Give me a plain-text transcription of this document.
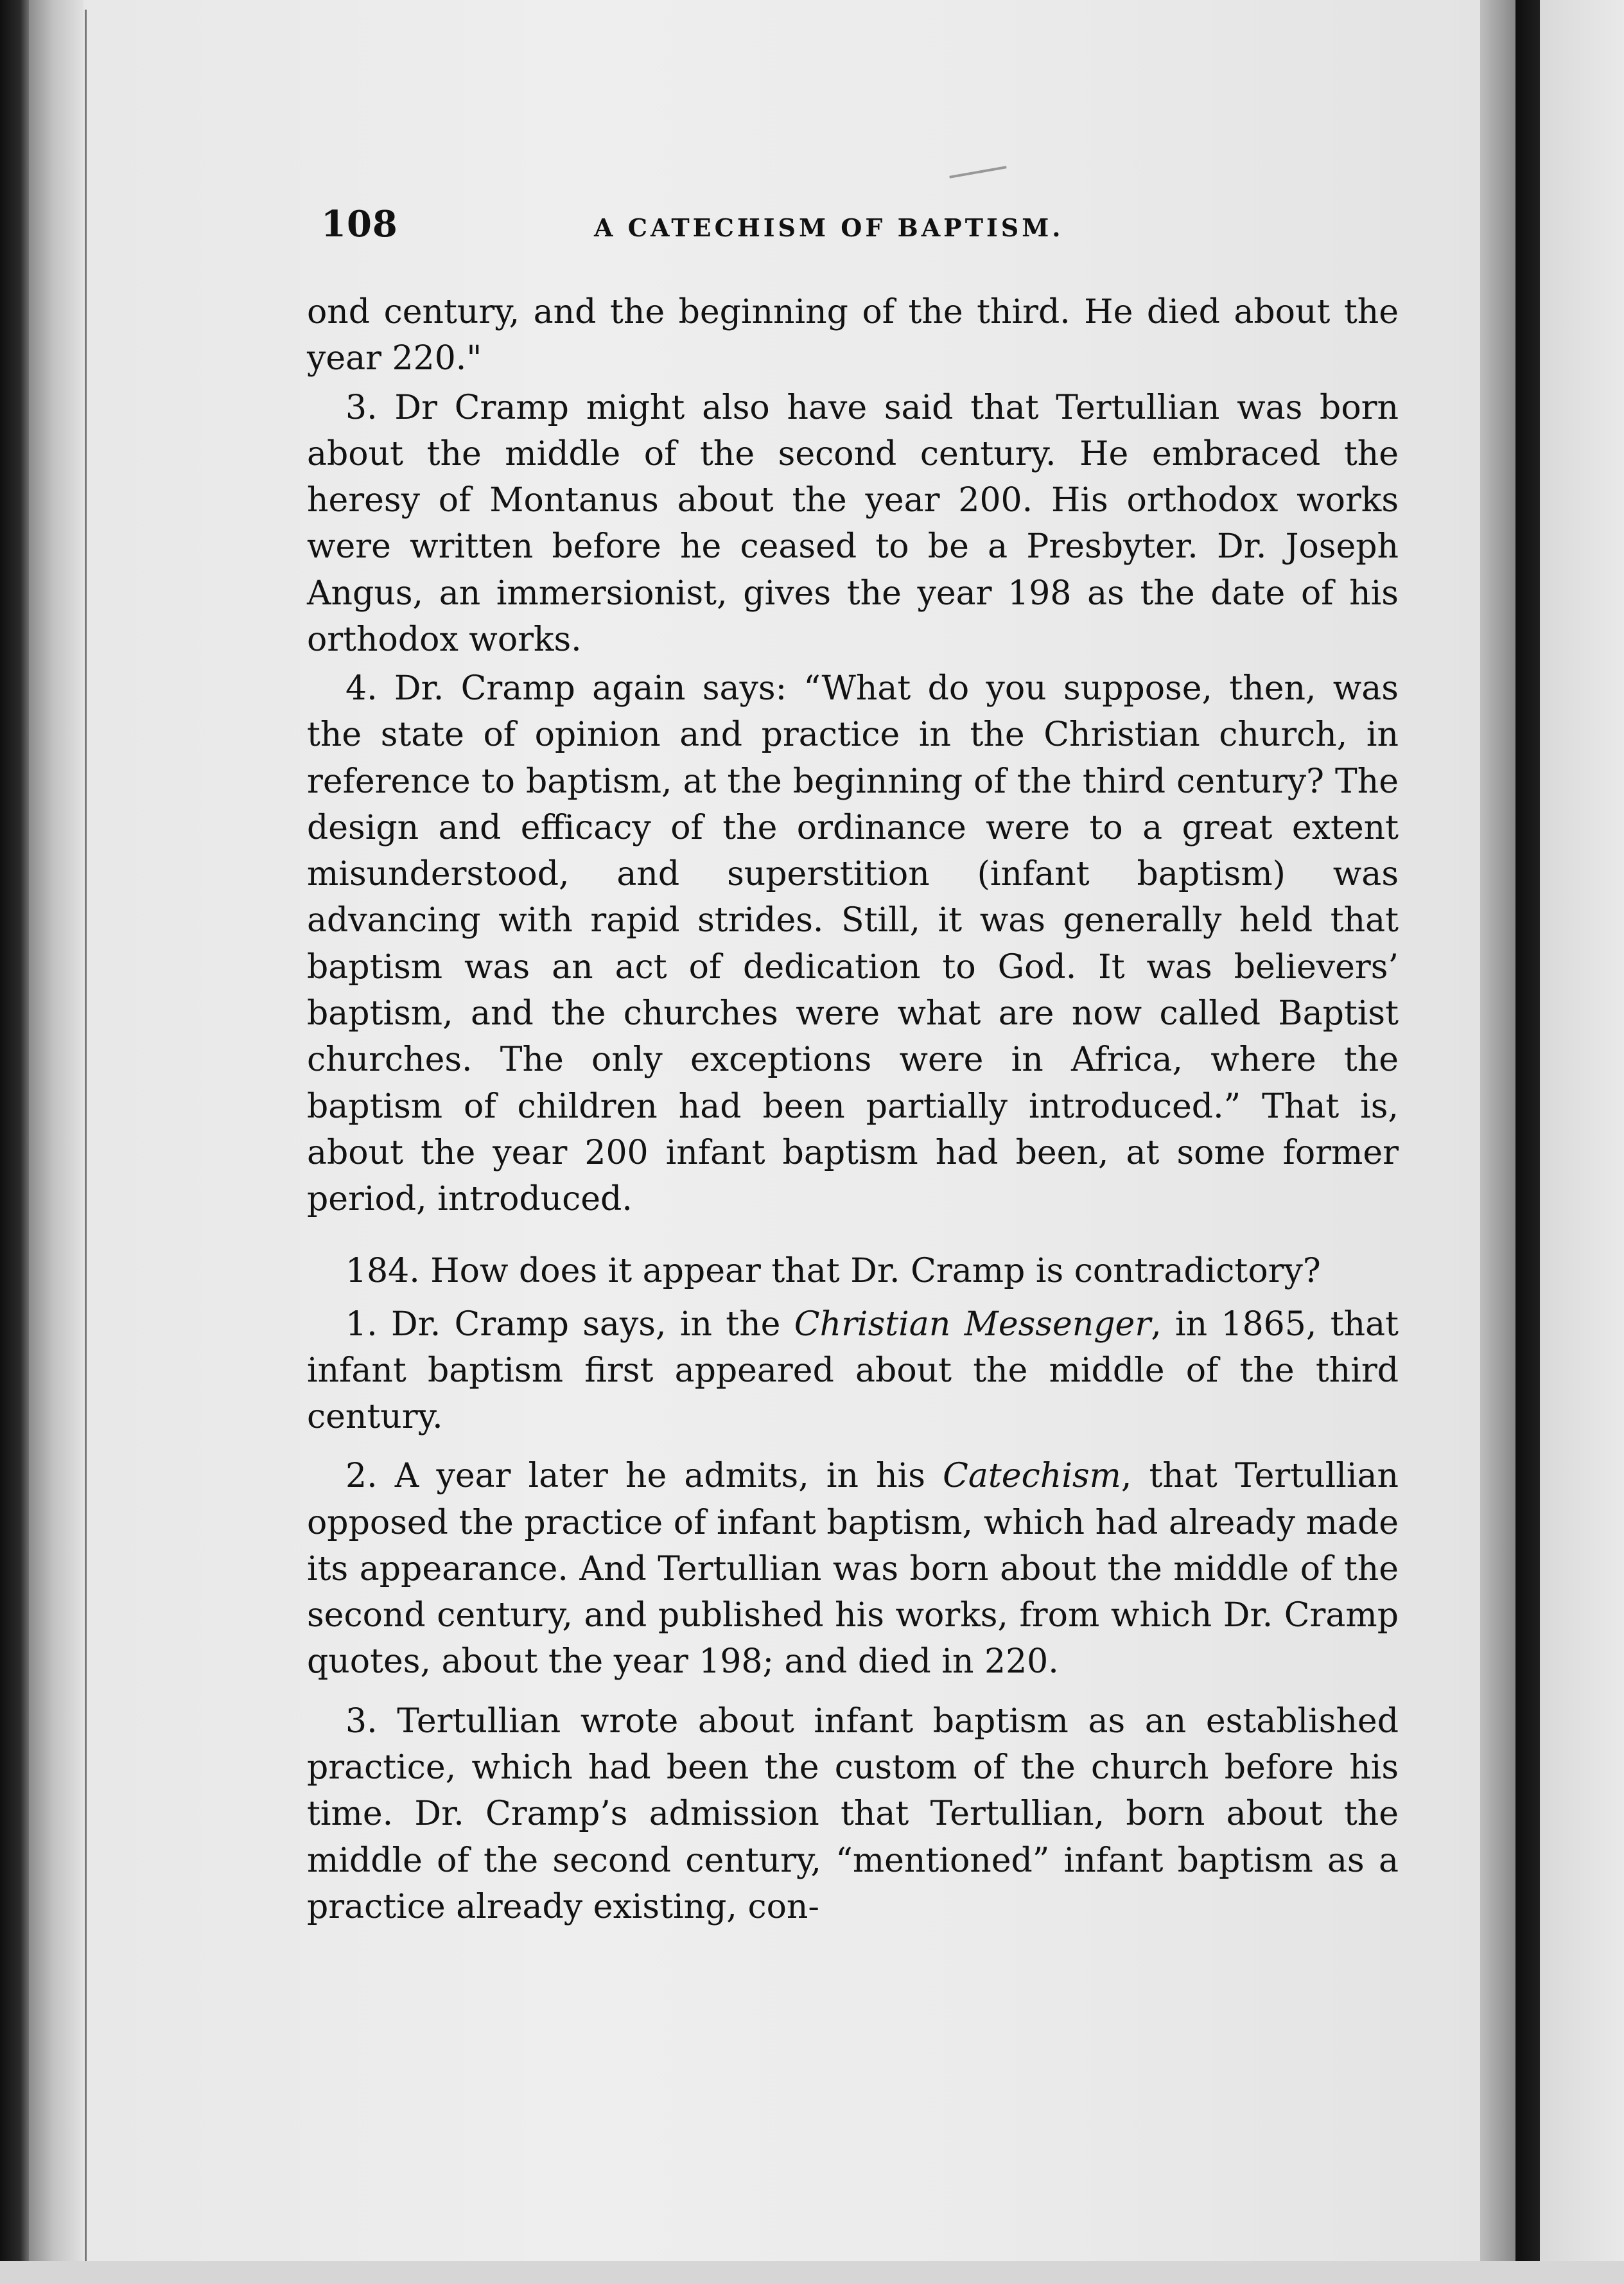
108	A CATECHISM OF BAPTISM.

ond century, and the beginning of the third. He died about the year 220."

3. Dr Cramp might also have said that Tertullian was born about the middle of the second century. He embraced the heresy of Montanus about the year 200. His orthodox works were written before he ceased to be a Presbyter. Dr. Joseph Angus, an immersionist, gives the year 198 as the date of his orthodox works.

4. Dr. Cramp again says: “What do you suppose, then, was the state of opinion and practice in the Christian church, in reference to baptism, at the beginning of the third century? The design and efficacy of the ordinance were to a great extent misunderstood, and superstition (infant baptism) was advancing with rapid strides. Still, it was generally held that baptism was an act of dedication to God. It was believers’ baptism, and the churches were what are now called Baptist churches. The only exceptions were in Africa, where the baptism of children had been partially introduced.” That is, about the year 200 infant baptism had been, at some former period, introduced.

184. How does it appear that Dr. Cramp is contradictory?

1. Dr. Cramp says, in the Christian Messenger, in 1865, that infant baptism first appeared about the middle of the third century.

2. A year later he admits, in his Catechism, that Tertullian opposed the practice of infant baptism, which had already made its appearance. And Tertullian was born about the middle of the second century, and published his works, from which Dr. Cramp quotes, about the year 198; and died in 220.

3. Tertullian wrote about infant baptism as an established practice, which had been the custom of the church before his time. Dr. Cramp’s admission that Tertullian, born about the middle of the second century, “mentioned” infant baptism as a practice already existing, con-
